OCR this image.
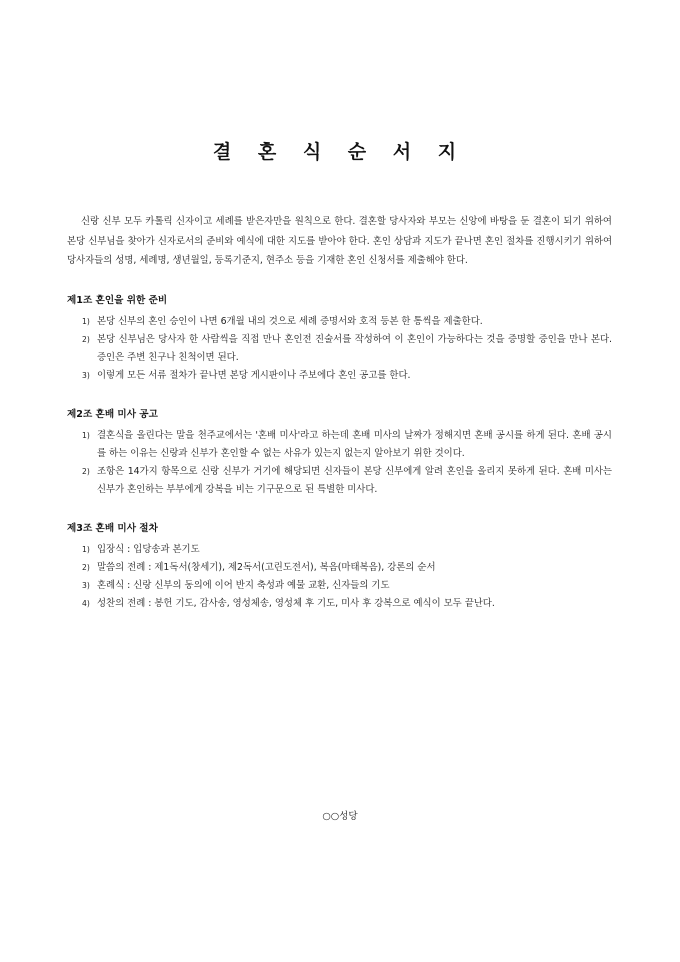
결 혼 식 순 서 지

신랑 신부 모두 카톨릭 신자이고 세례를 받은자만을 원칙으로 한다. 결혼할 당사자와 부모는 신앙에 바탕을 둔 결혼이 되기 위하여 본당 신부님을 찾아가 신자로서의 준비와 예식에 대한 지도를 받아야 한다. 혼인 상담과 지도가 끝나면 혼인 절차를 진행시키기 위하여 당사자들의 성명, 세례명, 생년월일, 등록기준지, 현주소 등을 기재한 혼인 신청서를 제출해야 한다.

제1조 혼인을 위한 준비
1) 본당 신부의 혼인 승인이 나면 6개월 내의 것으로 세례 증명서와 호적 등본 한 통씩을 제출한다.
2) 본당 신부님은 당사자 한 사람씩을 직접 만나 혼인전 진술서를 작성하여 이 혼인이 가능하다는 것을 증명할 증인을 만나 본다. 증인은 주변 친구나 친척이면 된다.
3) 이렇게 모든 서류 절차가 끝나면 본당 게시판이나 주보에다 혼인 공고를 한다.
제2조 혼배 미사 공고
1) 결혼식을 올린다는 말을 천주교에서는 '혼배 미사'라고 하는데 혼배 미사의 날짜가 정해지면 혼배 공시를 하게 된다. 혼배 공시를 하는 이유는 신랑과 신부가 혼인할 수 없는 사유가 있는지 없는지 알아보기 위한 것이다.
2) 조항은 14가지 항목으로 신랑 신부가 거기에 해당되면 신자들이 본당 신부에게 알려 혼인을 올리지 못하게 된다. 혼배 미사는 신부가 혼인하는 부부에게 강복을 비는 기구문으로 된 특별한 미사다.
제3조 혼배 미사 절차
1) 입장식 : 입당송과 본기도
2) 말씀의 전례 : 제1독서(창세기), 제2독서(고린도전서), 복음(마태복음), 강론의 순서
3) 혼례식 : 신랑 신부의 동의에 이어 반지 축성과 예물 교환, 신자들의 기도
4) 성찬의 전례 : 봉헌 기도, 감사송, 영성체송, 영성체 후 기도, 미사 후 강복으로 예식이 모두 끝난다.
○○성당
